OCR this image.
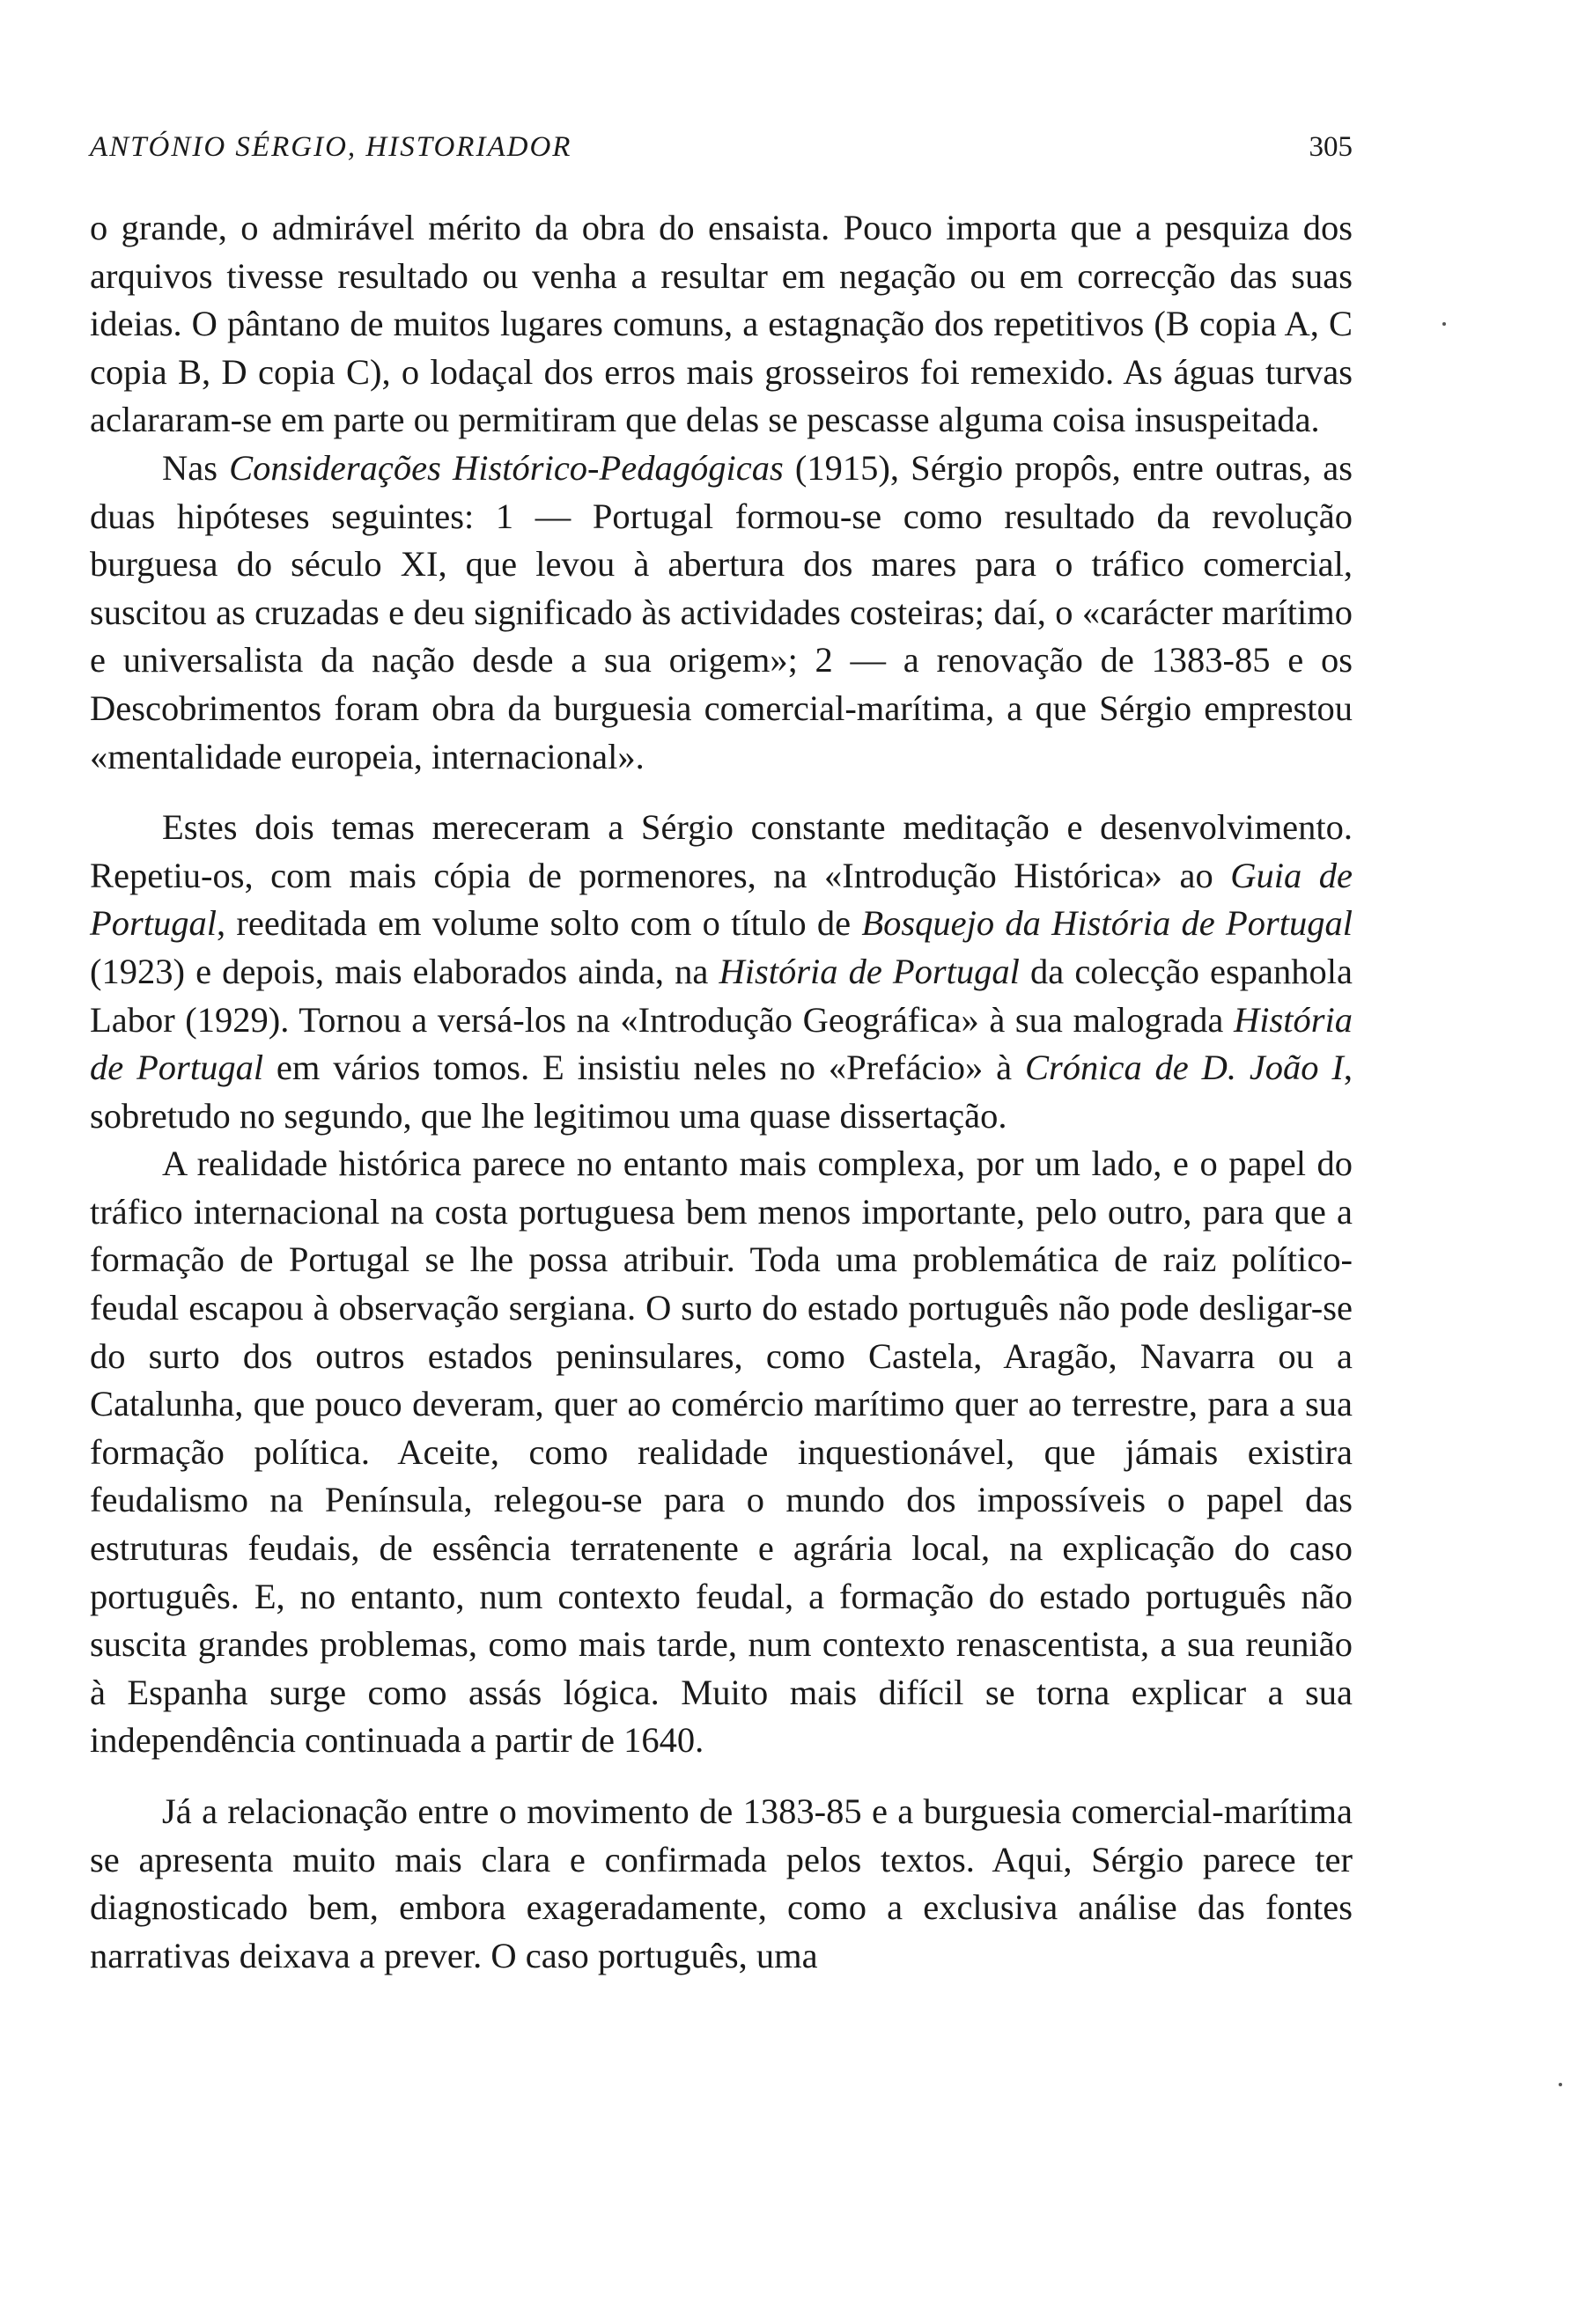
ANTÓNIO SÉRGIO, HISTORIADOR	305

o grande, o admirável mérito da obra do ensaista. Pouco importa que a pesquiza dos arquivos tivesse resultado ou venha a resultar em negação ou em correcção das suas ideias. O pântano de muitos lugares comuns, a estagnação dos repetitivos (B copia A, C copia B, D copia C), o lodaçal dos erros mais grosseiros foi remexido. As águas turvas aclararam-se em parte ou permitiram que delas se pescasse alguma coisa insuspeitada.

Nas Considerações Histórico-Pedagógicas (1915), Sérgio propôs, entre outras, as duas hipóteses seguintes: 1 — Portugal formou-se como resultado da revolução burguesa do século XI, que levou à abertura dos mares para o tráfico comercial, suscitou as cruzadas e deu significado às actividades costeiras; daí, o «carácter marítimo e universalista da nação desde a sua origem»; 2 — a renovação de 1383-85 e os Descobrimentos foram obra da burguesia comercial-marítima, a que Sérgio emprestou «mentalidade europeia, internacional».

Estes dois temas mereceram a Sérgio constante meditação e desenvolvimento. Repetiu-os, com mais cópia de pormenores, na «Introdução Histórica» ao Guia de Portugal, reeditada em volume solto com o título de Bosquejo da História de Portugal (1923) e depois, mais elaborados ainda, na História de Portugal da colecção espanhola Labor (1929). Tornou a versá-los na «Introdução Geográfica» à sua malograda História de Portugal em vários tomos. E insistiu neles no «Prefácio» à Crónica de D. João I, sobretudo no segundo, que lhe legitimou uma quase dissertação.

A realidade histórica parece no entanto mais complexa, por um lado, e o papel do tráfico internacional na costa portuguesa bem menos importante, pelo outro, para que a formação de Portugal se lhe possa atribuir. Toda uma problemática de raiz político-feudal escapou à observação sergiana. O surto do estado português não pode desligar-se do surto dos outros estados peninsulares, como Castela, Aragão, Navarra ou a Catalunha, que pouco deveram, quer ao comércio marítimo quer ao terrestre, para a sua formação política. Aceite, como realidade inquestionável, que jámais existira feudalismo na Península, relegou-se para o mundo dos impossíveis o papel das estruturas feudais, de essência terratenente e agrária local, na explicação do caso português. E, no entanto, num contexto feudal, a formação do estado português não suscita grandes problemas, como mais tarde, num contexto renascentista, a sua reunião à Espanha surge como assás lógica. Muito mais difícil se torna explicar a sua independência continuada a partir de 1640.

Já a relacionação entre o movimento de 1383-85 e a burguesia comercial-marítima se apresenta muito mais clara e confirmada pelos textos. Aqui, Sérgio parece ter diagnosticado bem, embora exageradamente, como a exclusiva análise das fontes narrativas deixava a prever. O caso português, uma
